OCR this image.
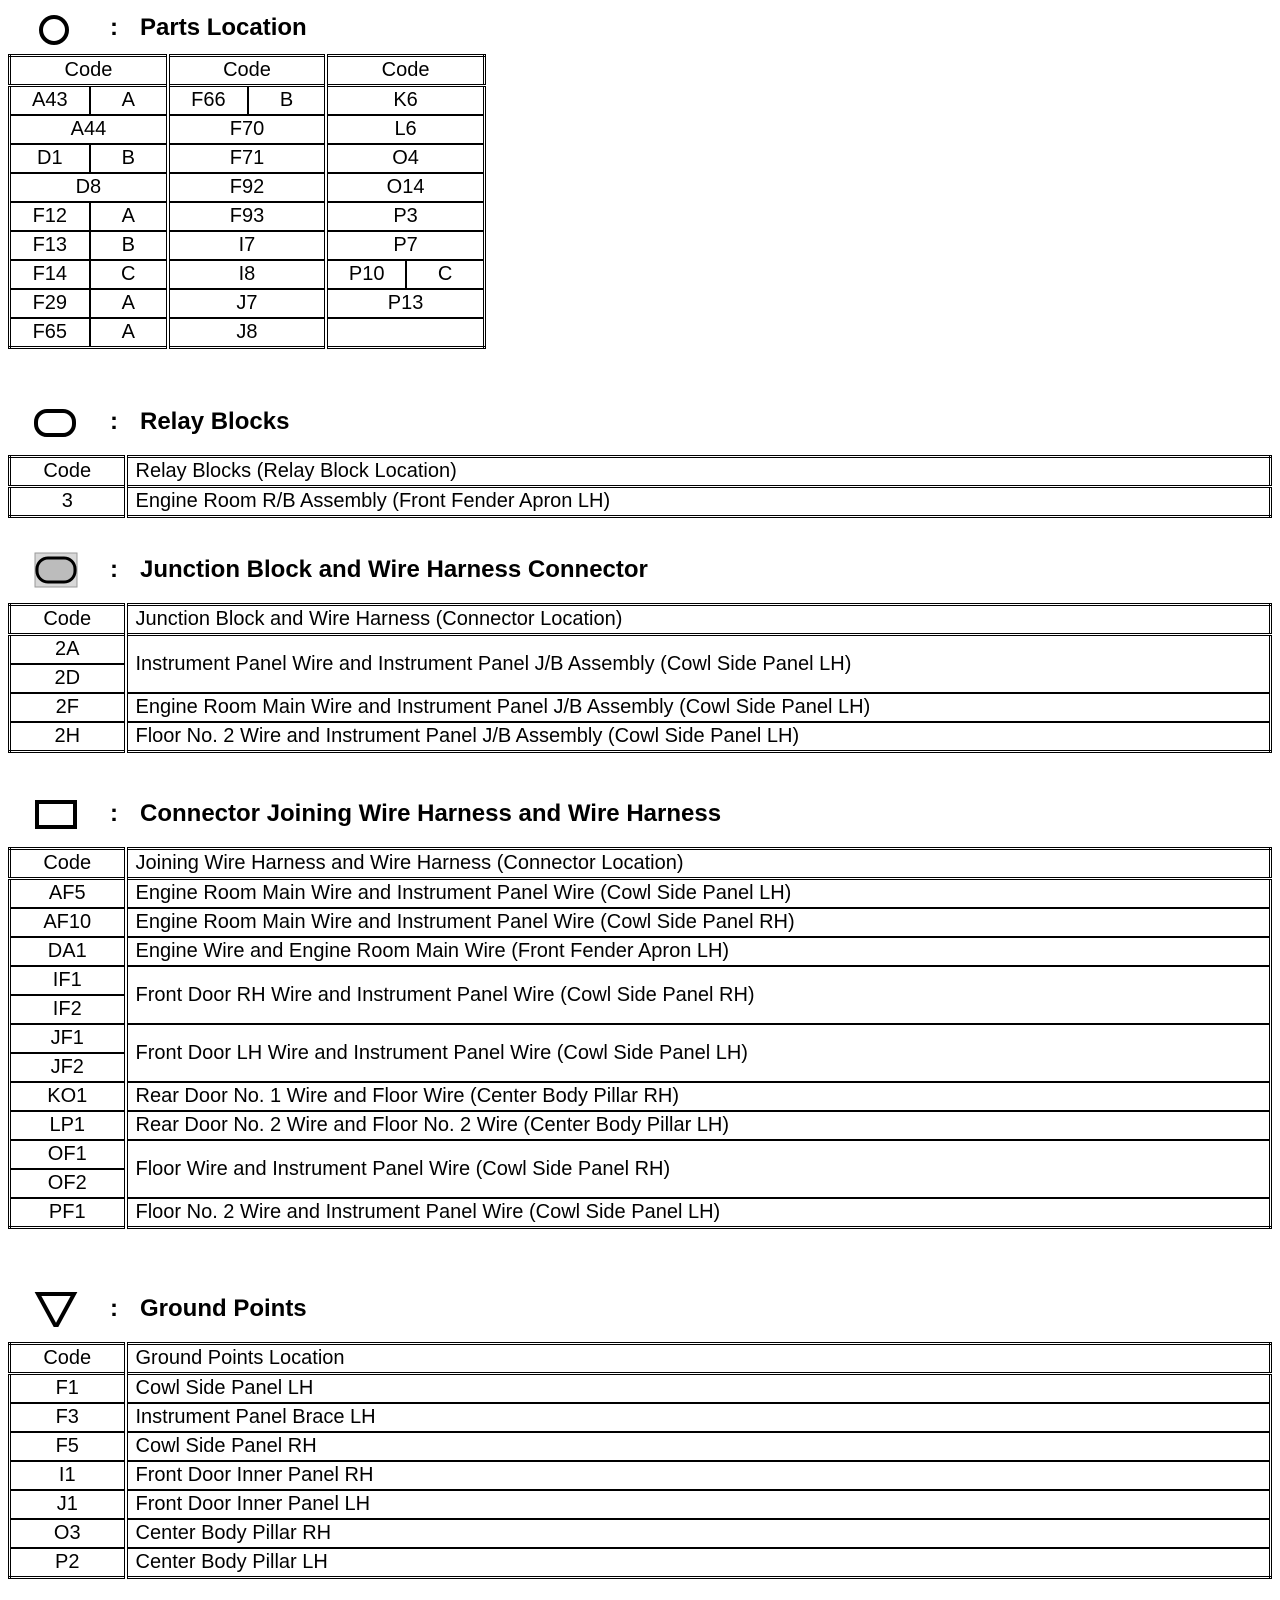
: Parts Location
Code		Code		Code	
A43	A	F66	B	K6	
A44		F70		L6	
D1	B	F71		O4	
D8		F92		O14	
F12	A	F93		P3	
F13	B	I7		P7	
F14	C	I8		P10	C
F29	A	J7		P13	
F65	A	J8			
: Relay Blocks
Code	Relay Blocks (Relay Block Location)
3	Engine Room R/B Assembly (Front Fender Apron LH)
: Junction Block and Wire Harness Connector
Code	Junction Block and Wire Harness (Connector Location)
2A	Instrument Panel Wire and Instrument Panel J/B Assembly (Cowl Side Panel LH)
2D	
2F	Engine Room Main Wire and Instrument Panel J/B Assembly (Cowl Side Panel LH)
2H	Floor No. 2 Wire and Instrument Panel J/B Assembly (Cowl Side Panel LH)
: Connector Joining Wire Harness and Wire Harness
Code	Joining Wire Harness and Wire Harness (Connector Location)
AF5	Engine Room Main Wire and Instrument Panel Wire (Cowl Side Panel LH)
AF10	Engine Room Main Wire and Instrument Panel Wire (Cowl Side Panel RH)
DA1	Engine Wire and Engine Room Main Wire (Front Fender Apron LH)
IF1	Front Door RH Wire and Instrument Panel Wire (Cowl Side Panel RH)
IF2	
JF1	Front Door LH Wire and Instrument Panel Wire (Cowl Side Panel LH)
JF2	
KO1	Rear Door No. 1 Wire and Floor Wire (Center Body Pillar RH)
LP1	Rear Door No. 2 Wire and Floor No. 2 Wire (Center Body Pillar LH)
OF1	Floor Wire and Instrument Panel Wire (Cowl Side Panel RH)
OF2	
PF1	Floor No. 2 Wire and Instrument Panel Wire (Cowl Side Panel LH)
: Ground Points
Code	Ground Points Location
F1	Cowl Side Panel LH
F3	Instrument Panel Brace LH
F5	Cowl Side Panel RH
I1	Front Door Inner Panel RH
J1	Front Door Inner Panel LH
O3	Center Body Pillar RH
P2	Center Body Pillar LH
